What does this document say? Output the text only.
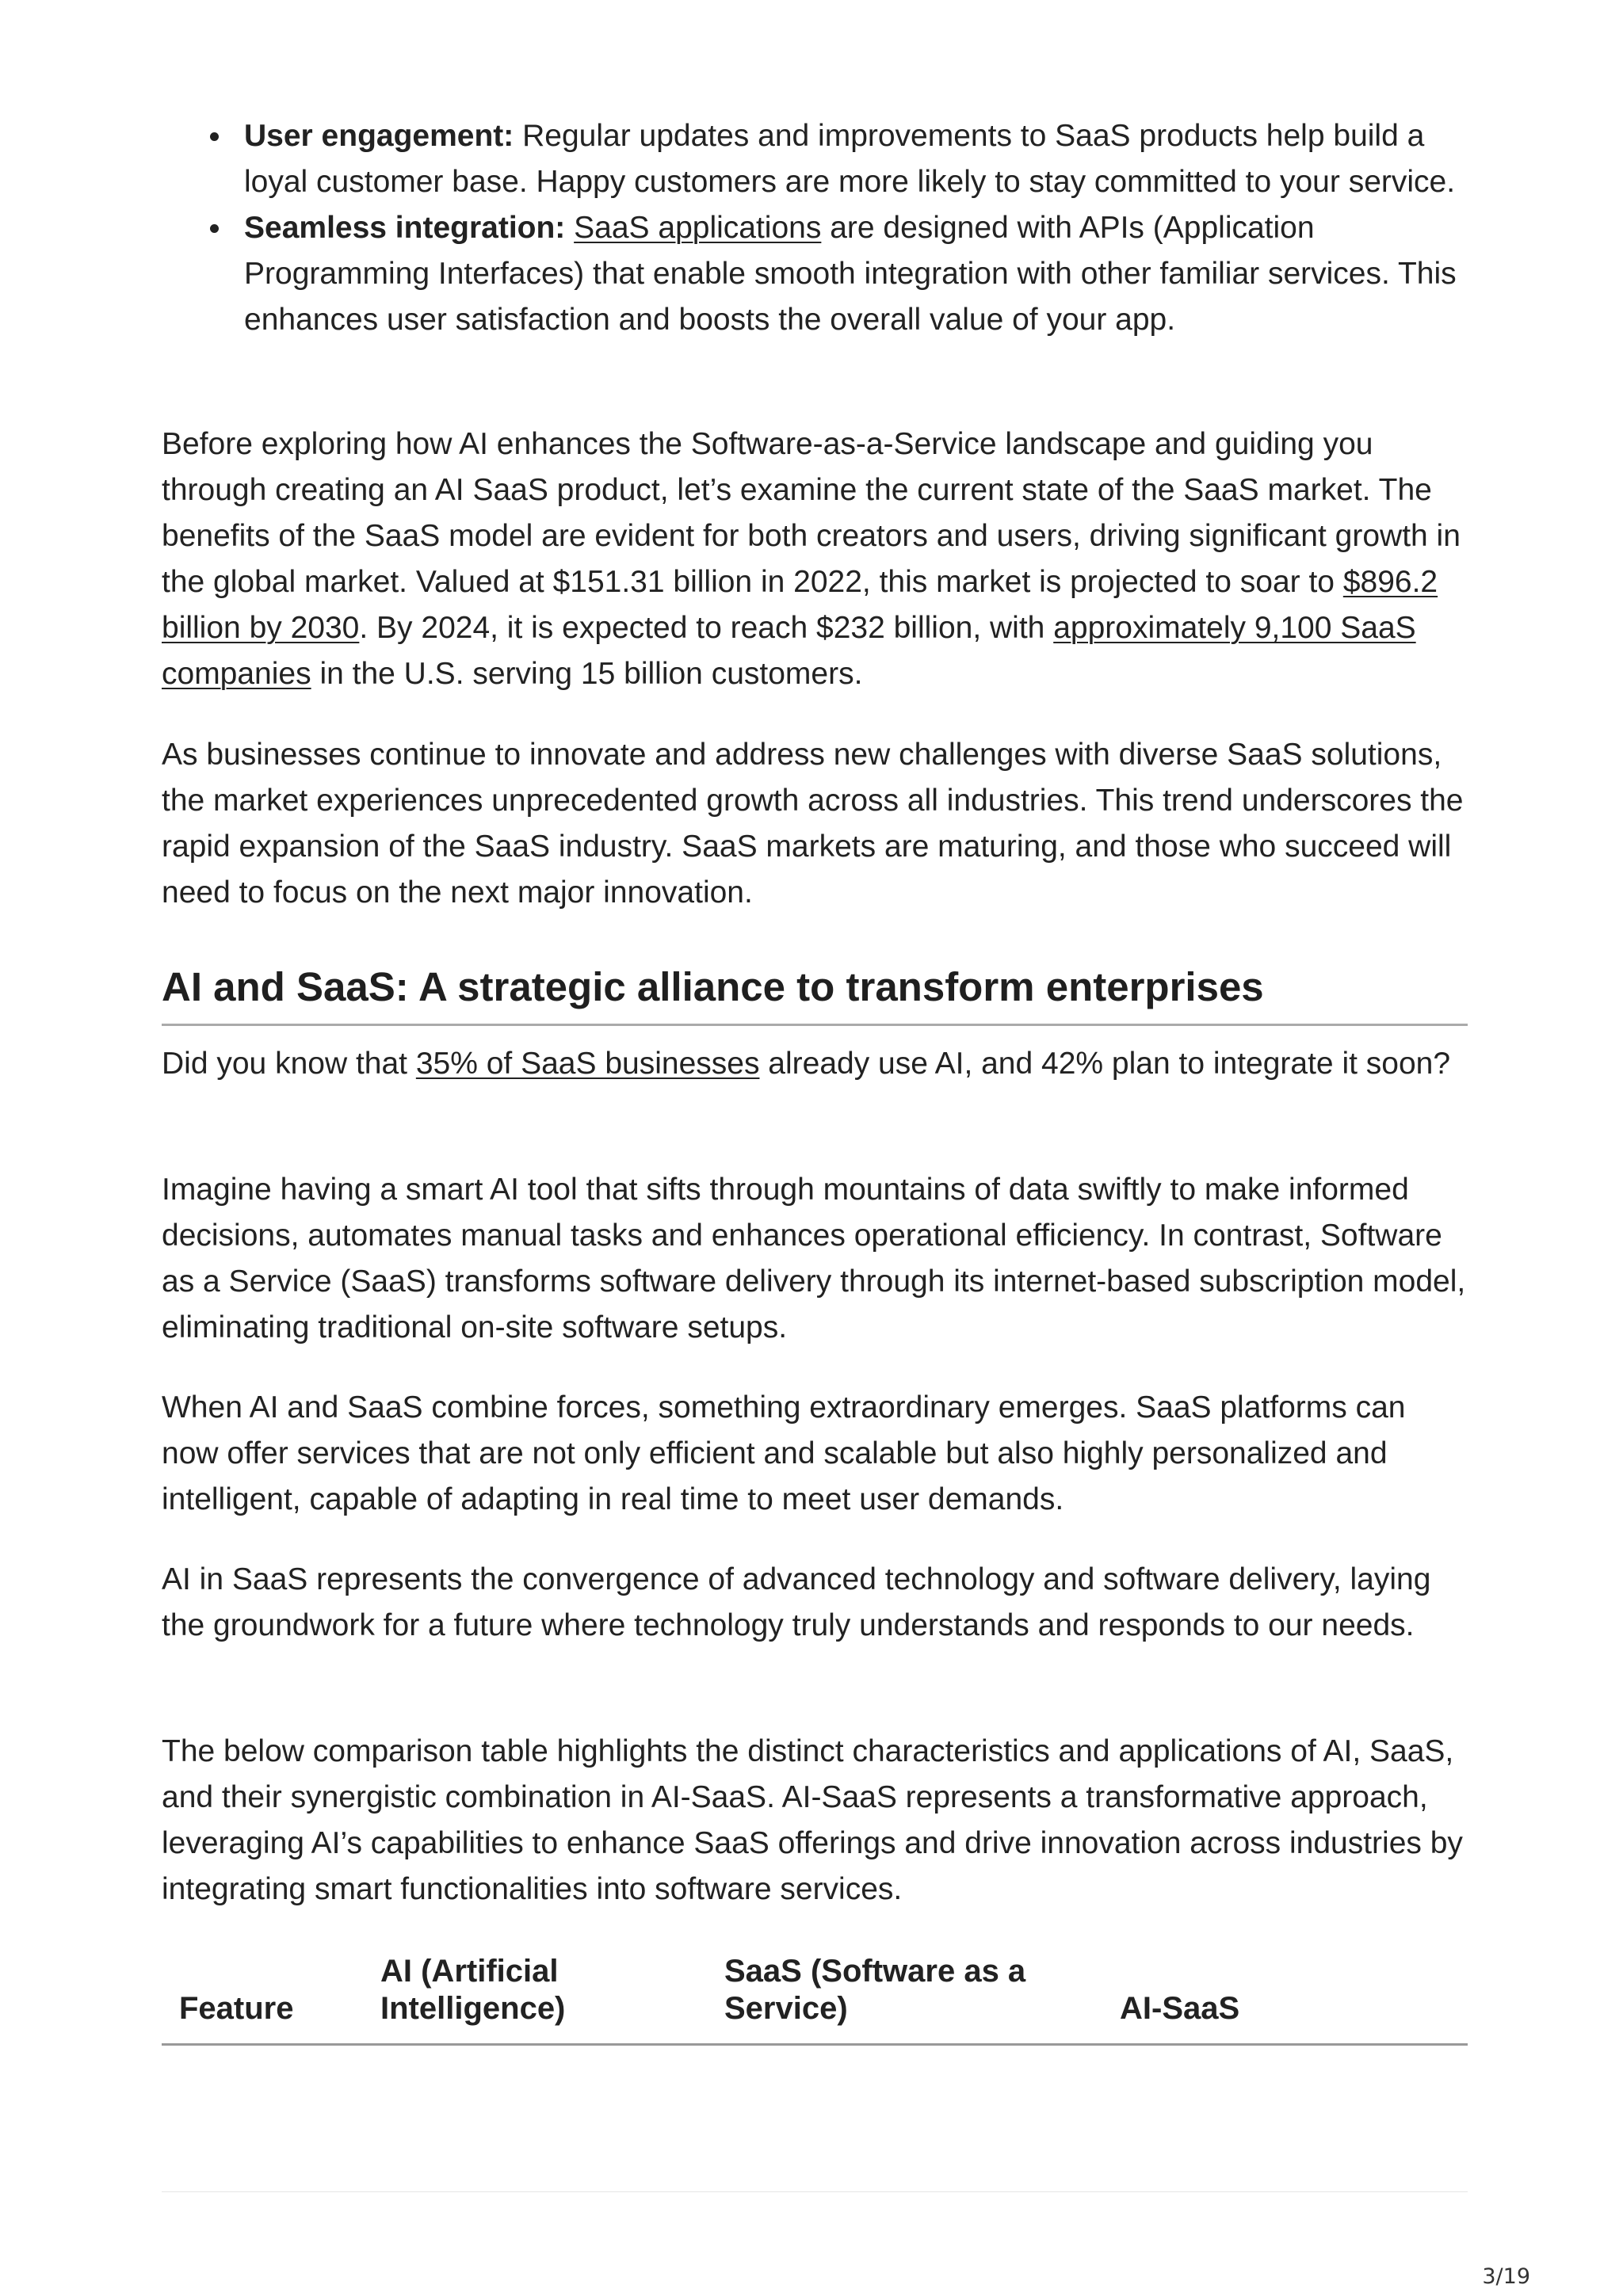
User engagement: Regular updates and improvements to SaaS products help build a loyal customer base. Happy customers are more likely to stay committed to your service.
Seamless integration: SaaS applications are designed with APIs (Application Programming Interfaces) that enable smooth integration with other familiar services. This enhances user satisfaction and boosts the overall value of your app.

Before exploring how AI enhances the Software-as-a-Service landscape and guiding you through creating an AI SaaS product, let’s examine the current state of the SaaS market. The benefits of the SaaS model are evident for both creators and users, driving significant growth in the global market. Valued at $151.31 billion in 2022, this market is projected to soar to $896.2 billion by 2030. By 2024, it is expected to reach $232 billion, with approximately 9,100 SaaS companies in the U.S. serving 15 billion customers.

As businesses continue to innovate and address new challenges with diverse SaaS solutions, the market experiences unprecedented growth across all industries. This trend underscores the rapid expansion of the SaaS industry. SaaS markets are maturing, and those who succeed will need to focus on the next major innovation.

AI and SaaS: A strategic alliance to transform enterprises

Did you know that 35% of SaaS businesses already use AI, and 42% plan to integrate it soon?

Imagine having a smart AI tool that sifts through mountains of data swiftly to make informed decisions, automates manual tasks and enhances operational efficiency. In contrast, Software as a Service (SaaS) transforms software delivery through its internet-based subscription model, eliminating traditional on-site software setups.

When AI and SaaS combine forces, something extraordinary emerges. SaaS platforms can now offer services that are not only efficient and scalable but also highly personalized and intelligent, capable of adapting in real time to meet user demands.

AI in SaaS represents the convergence of advanced technology and software delivery, laying the groundwork for a future where technology truly understands and responds to our needs.

The below comparison table highlights the distinct characteristics and applications of AI, SaaS, and their synergistic combination in AI-SaaS. AI-SaaS represents a transformative approach, leveraging AI’s capabilities to enhance SaaS offerings and drive innovation across industries by integrating smart functionalities into software services.

Feature	AI (Artificial Intelligence)	SaaS (Software as a Service)	AI-SaaS
3/19
